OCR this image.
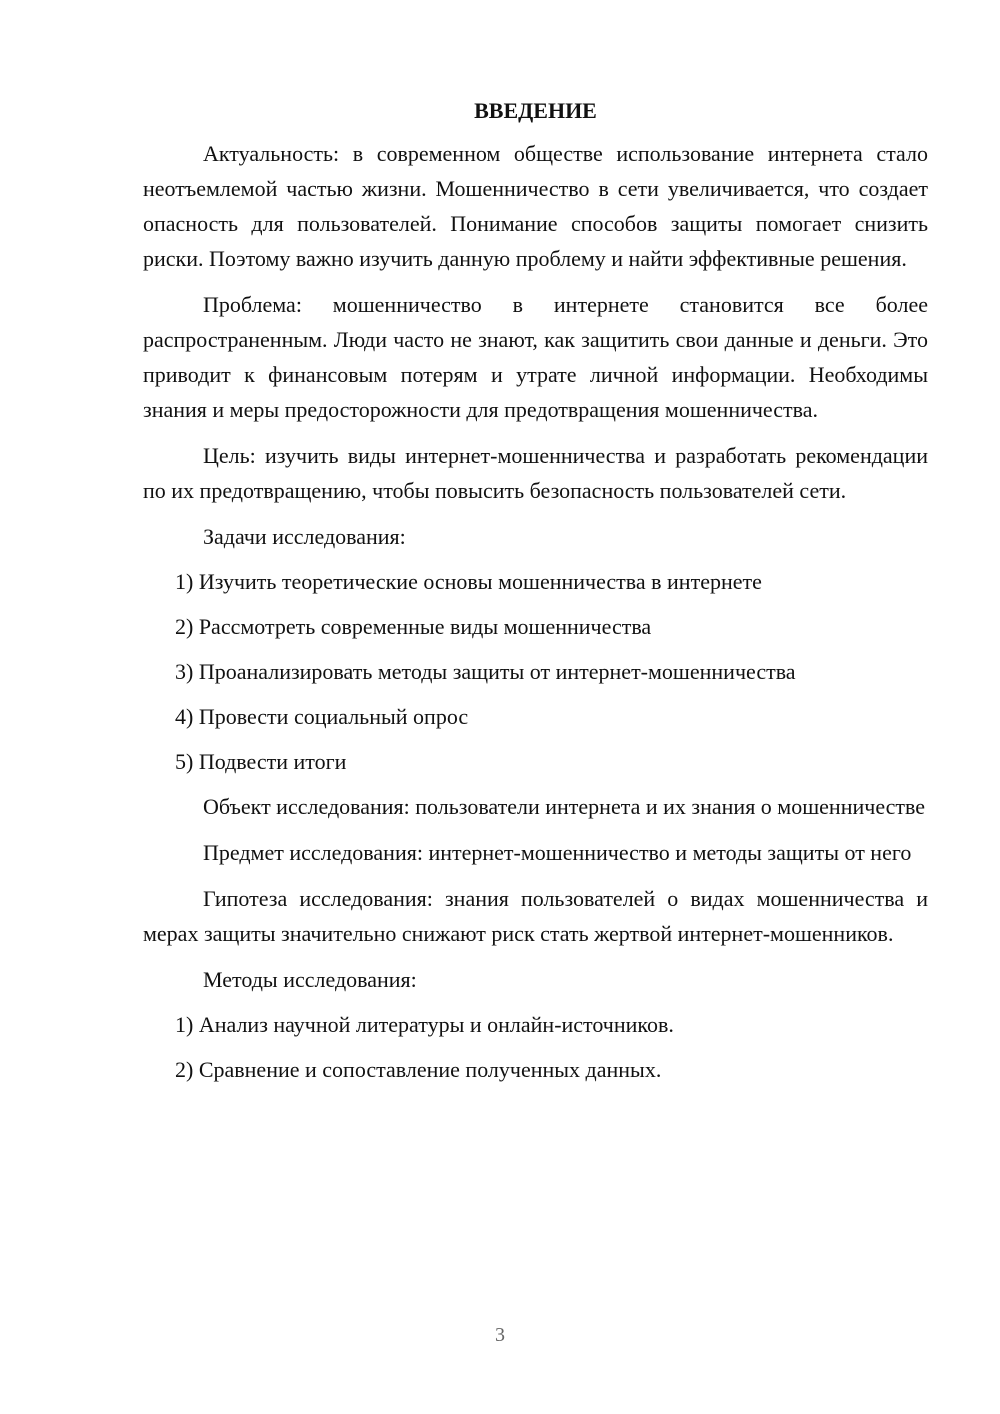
ВВЕДЕНИЕ

Актуальность: в современном обществе использование интернета стало неотъемлемой частью жизни. Мошенничество в сети увеличивается, что создает опасность для пользователей. Понимание способов защиты помогает снизить риски. Поэтому важно изучить данную проблему и найти эффективные решения.

Проблема: мошенничество в интернете становится все более распространенным. Люди часто не знают, как защитить свои данные и деньги. Это приводит к финансовым потерям и утрате личной информации. Необходимы знания и меры предосторожности для предотвращения мошенничества.

Цель: изучить виды интернет-мошенничества и разработать рекомендации по их предотвращению, чтобы повысить безопасность пользователей сети.

Задачи исследования:
1) Изучить теоретические основы мошенничества в интернете
2) Рассмотреть современные виды мошенничества
3) Проанализировать методы защиты от интернет-мошенничества
4) Провести социальный опрос
5) Подвести итоги

Объект исследования: пользователи интернета и их знания о мошенничестве

Предмет исследования: интернет-мошенничество и методы защиты от него

Гипотеза исследования: знания пользователей о видах мошенничества и мерах защиты значительно снижают риск стать жертвой интернет-мошенников.

Методы исследования:
1) Анализ научной литературы и онлайн-источников.
2) Сравнение и сопоставление полученных данных.
3
